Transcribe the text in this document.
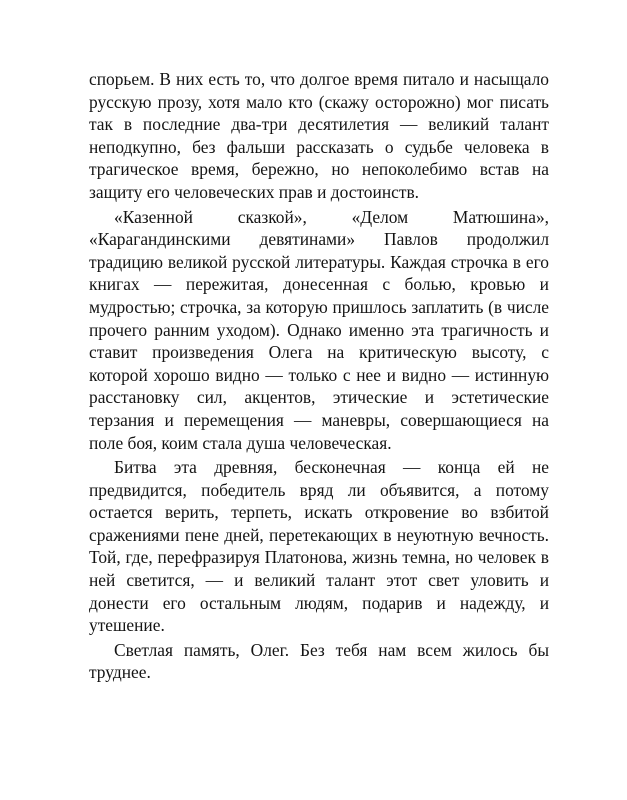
спорьем. В них есть то, что долгое время питало и насыщало русскую прозу, хотя мало кто (скажу осторожно) мог писать так в последние два-три десятилетия — великий талант неподкупно, без фальши рассказать о судьбе человека в трагическое время, бережно, но непоколебимо встав на защиту его человеческих прав и достоинств.

«Казенной сказкой», «Делом Матюшина», «Карагандинскими девятинами» Павлов продолжил традицию великой русской литературы. Каждая строчка в его книгах — пережитая, донесенная с болью, кровью и мудростью; строчка, за которую пришлось заплатить (в числе прочего ранним уходом). Однако именно эта трагичность и ставит произведения Олега на критическую высоту, с которой хорошо видно — только с нее и видно — истинную расстановку сил, акцентов, этические и эстетические терзания и перемещения — маневры, совершающиеся на поле боя, коим стала душа человеческая.

Битва эта древняя, бесконечная — конца ей не предвидится, победитель вряд ли объявится, а потому остается верить, терпеть, искать откровение во взбитой сражениями пене дней, перетекающих в неуютную вечность. Той, где, перефразируя Платонова, жизнь темна, но человек в ней светится, — и великий талант этот свет уловить и донести его остальным людям, подарив и надежду, и утешение.

Светлая память, Олег. Без тебя нам всем жилось бы труднее.
